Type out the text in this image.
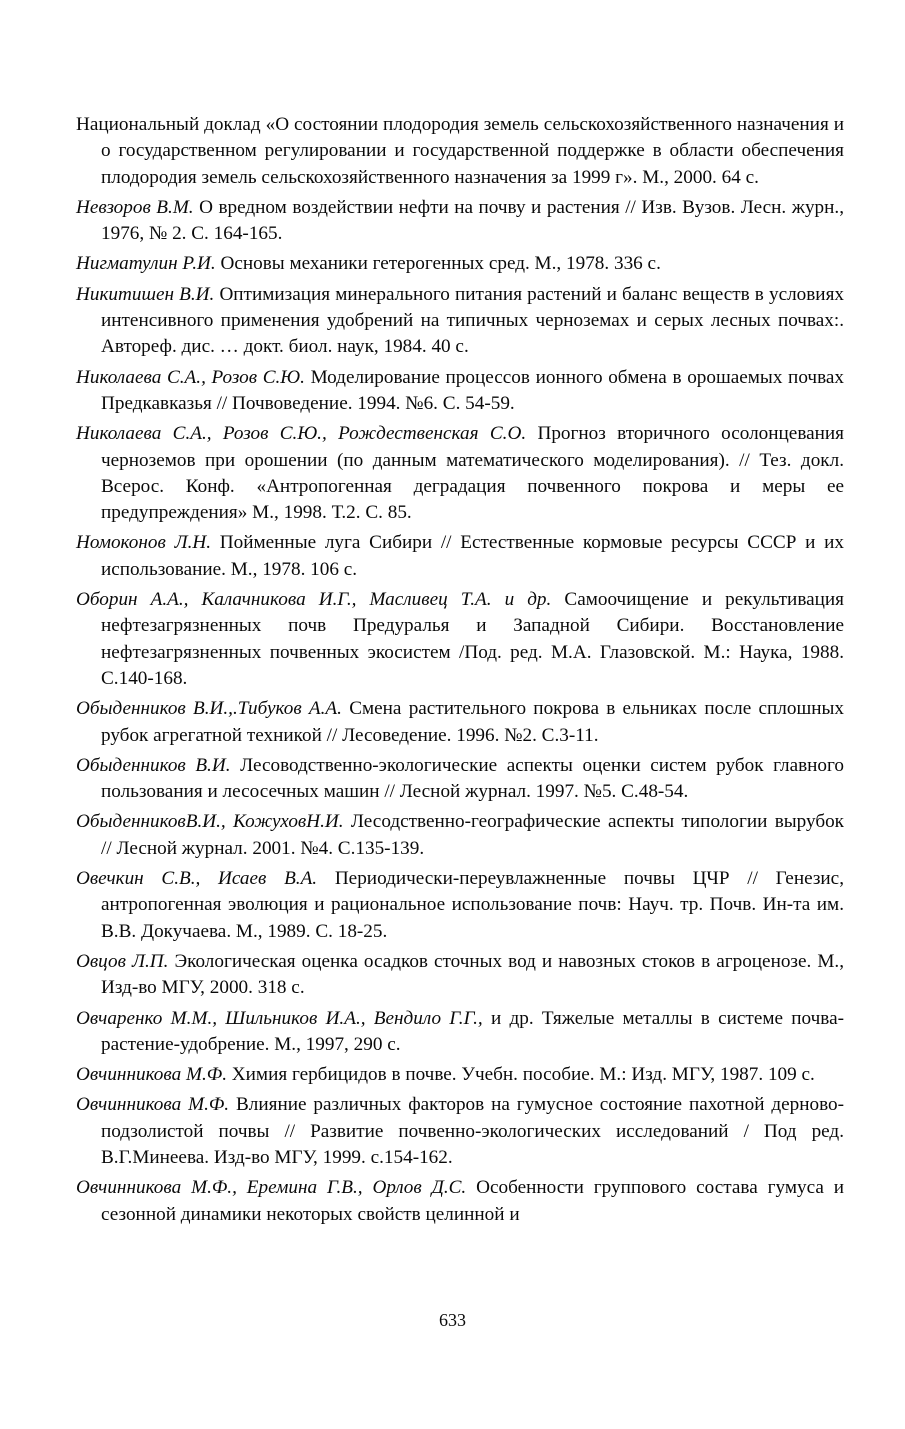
Национальный доклад «О состоянии плодородия земель сельскохозяйственного назначения и о государственном регулировании и государственной поддержке в области обеспечения плодородия земель сельскохозяйственного назначения за 1999 г». М., 2000. 64 с.

Невзоров В.М. О вредном воздействии нефти на почву и растения // Изв. Вузов. Лесн. журн., 1976, № 2. С. 164-165.

Нигматулин Р.И. Основы механики гетерогенных сред. М., 1978. 336 с.

Никитишен В.И. Оптимизация минерального питания растений и баланс веществ в условиях интенсивного применения удобрений на типичных черноземах и серых лесных почвах:. Автореф. дис. … докт. биол. наук, 1984. 40 с.

Николаева С.А., Розов С.Ю. Моделирование процессов ионного обмена в орошаемых почвах Предкавказья // Почвоведение. 1994. №6. С. 54-59.

Николаева С.А., Розов С.Ю., Рождественская С.О. Прогноз вторичного осолонцевания черноземов при орошении (по данным математического моделирования). // Тез. докл. Всерос. Конф. «Антропогенная деградация почвенного покрова и меры ее предупреждения» М., 1998. Т.2. С. 85.

Номоконов Л.Н. Пойменные луга Сибири // Естественные кормовые ресурсы СССР и их использование. М., 1978. 106 с.

Оборин А.А., Калачникова И.Г., Масливец Т.А. и др. Самоочищение и рекультивация нефтезагрязненных почв Предуралья и Западной Сибири. Восстановление нефтезагрязненных почвенных экосистем /Под. ред. М.А. Глазовской. М.: Наука, 1988. С.140-168.

Обыденников В.И.,.Тибуков А.А. Смена растительного покрова в ельниках после сплошных рубок агрегатной техникой // Лесоведение. 1996. №2. С.3-11.

Обыденников В.И. Лесоводственно-экологические аспекты оценки систем рубок главного пользования и лесосечных машин // Лесной журнал. 1997. №5. С.48-54.

ОбыденниковВ.И., КожуховН.И. Лесодственно-географические аспекты типологии вырубок // Лесной журнал. 2001. №4. С.135-139.

Овечкин С.В., Исаев В.А. Периодически-переувлажненные почвы ЦЧР // Генезис, антропогенная эволюция и рациональное использование почв: Науч. тр. Почв. Ин-та им. В.В. Докучаева. М., 1989. С. 18-25.

Овцов Л.П. Экологическая оценка осадков сточных вод и навозных стоков в агроценозе. М., Изд-во МГУ, 2000. 318 с.

Овчаренко М.М., Шильников И.А., Вендило Г.Г., и др. Тяжелые металлы в системе почва-растение-удобрение. М., 1997, 290 с.

Овчинникова М.Ф. Химия гербицидов в почве. Учебн. пособие. М.: Изд. МГУ, 1987. 109 с.

Овчинникова М.Ф. Влияние различных факторов на гумусное состояние пахотной дерново-подзолистой почвы // Развитие почвенно-экологических исследований / Под ред. В.Г.Минеева. Изд-во МГУ, 1999. с.154-162.

Овчинникова М.Ф., Еремина Г.В., Орлов Д.С. Особенности группового состава гумуса и сезонной динамики некоторых свойств целинной и

633
